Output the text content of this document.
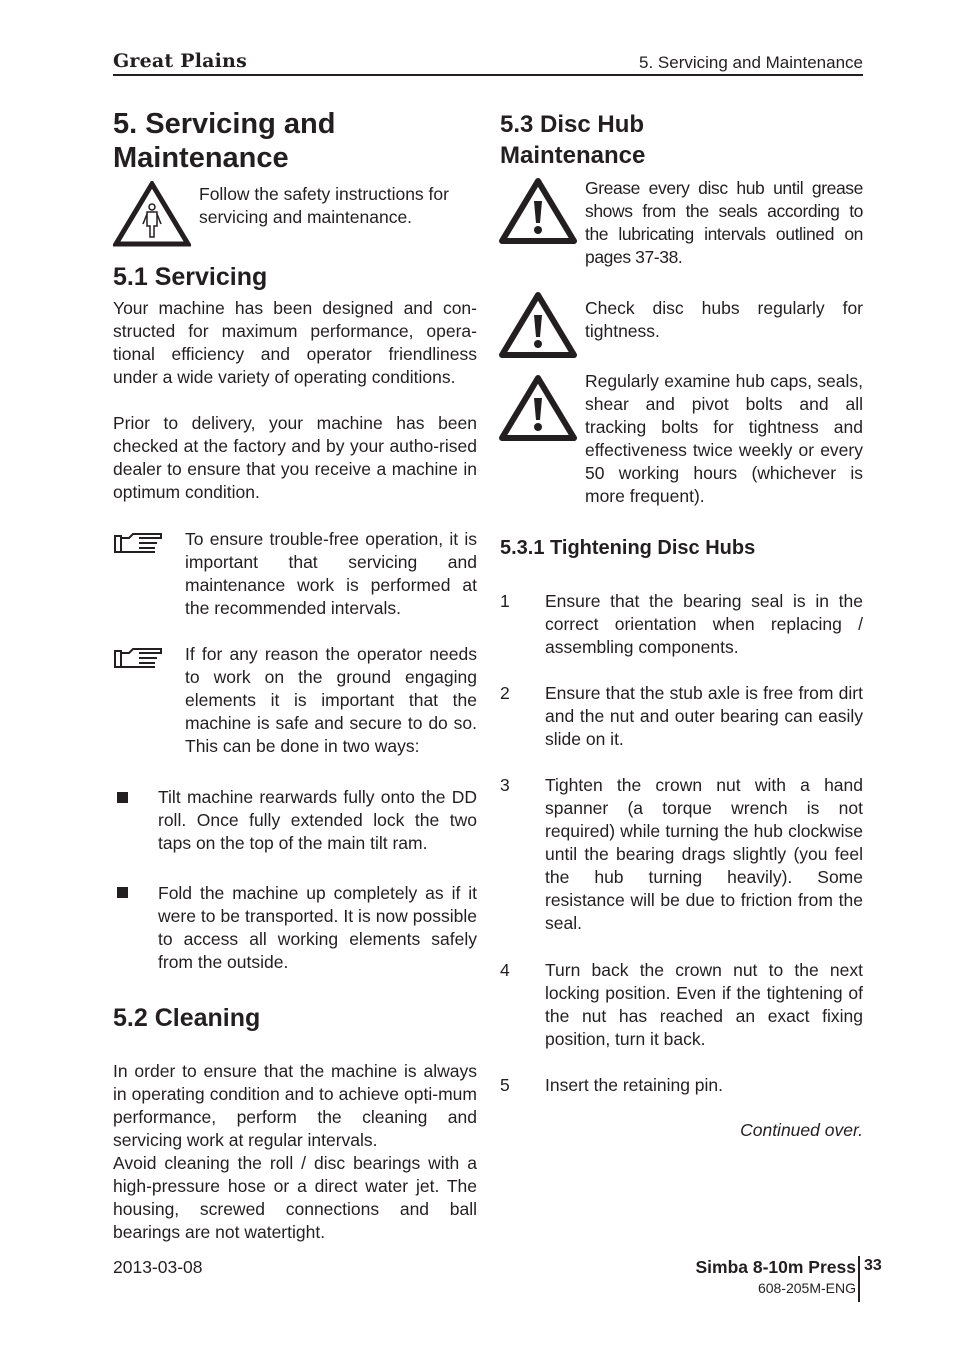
Great Plains	5. Servicing and Maintenance
5. Servicing and
Maintenance
Follow the safety instructions for servicing and maintenance.
5.1 Servicing
Your machine has been designed and con-structed for maximum performance, opera-tional efficiency and operator friendliness under a wide variety of operating conditions.
Prior to delivery, your machine has been checked at the factory and by your autho-rised dealer to ensure that you receive a machine in optimum condition.
To ensure trouble-free operation, it is important that servicing and maintenance work is performed at the recommended intervals.
If for any reason the operator needs to work on the ground engaging elements it is important that the machine is safe and secure to do so. This can be done in two ways:
Tilt machine rearwards fully onto the DD roll. Once fully extended lock the two taps on the top of the main tilt ram.
Fold the machine up completely as if it were to be transported. It is now possible to access all working elements safely from the outside.
5.2 Cleaning
In order to ensure that the machine is always in operating condition and to achieve opti-mum performance, perform the cleaning and servicing work at regular intervals.
Avoid cleaning the roll / disc bearings with a high-pressure hose or a direct water jet. The housing, screwed connections and ball bearings are not watertight.
5.3 Disc Hub
Maintenance
Grease every disc hub until grease shows from the seals according to the lubricating intervals outlined on pages 37-38.
Check disc hubs regularly for tightness.
Regularly examine hub caps, seals, shear and pivot bolts and all tracking bolts for tightness and effectiveness twice weekly or every 50 working hours (whichever is more frequent).
5.3.1 Tightening Disc Hubs
1 Ensure that the bearing seal is in the correct orientation when replacing / assembling components.
2 Ensure that the stub axle is free from dirt and the nut and outer bearing can easily slide on it.
3 Tighten the crown nut with a hand spanner (a torque wrench is not required) while turning the hub clockwise until the bearing drags slightly (you feel the hub turning heavily). Some resistance will be due to friction from the seal.
4 Turn back the crown nut to the next locking position. Even if the tightening of the nut has reached an exact fixing position, turn it back.
5 Insert the retaining pin.
Continued over.
2013-03-08	Simba 8-10m Press
608-205M-ENG
33
